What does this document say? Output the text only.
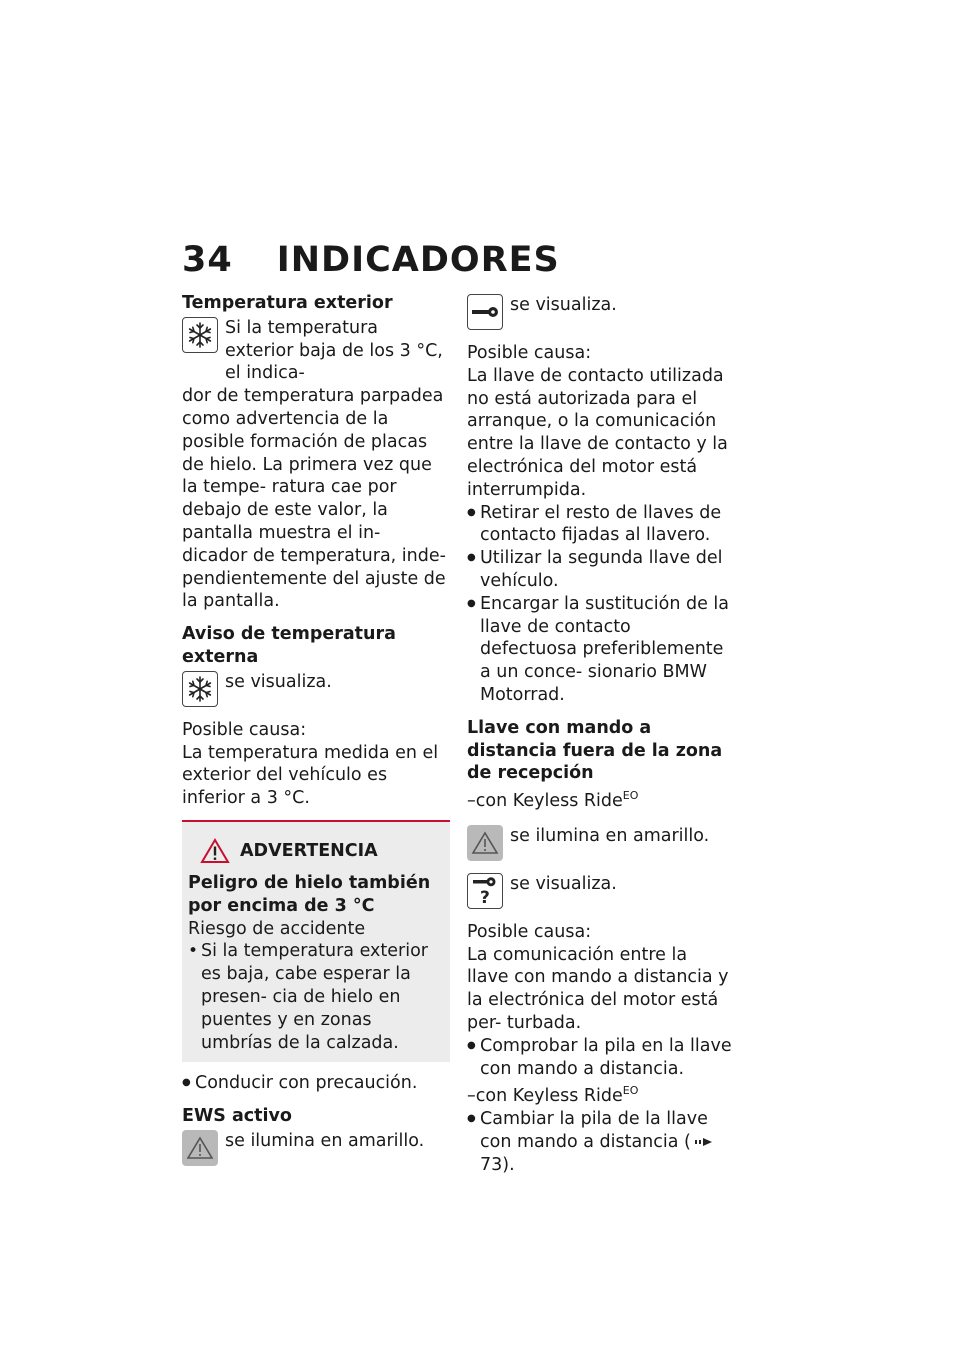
34 INDICADORES
Temperatura exterior

Si la temperatura exterior baja de los 3 °C, el indica-

dor de temperatura parpadea como advertencia de la posible formación de placas de hielo. La primera vez que la tempe- ratura cae por debajo de este valor, la pantalla muestra el in- dicador de temperatura, inde- pendientemente del ajuste de la pantalla.

Aviso de temperatura externa

se visualiza.

Posible causa:

La temperatura medida en el exterior del vehículo es inferior a 3 °C.

ADVERTENCIA
Peligro de hielo también por encima de 3 °C

Riesgo de accidente

• Si la temperatura exterior es baja, cabe esperar la presen- cia de hielo en puentes y en zonas umbrías de la calzada.
● Conducir con precaución.
EWS activo

se ilumina en amarillo.

se visualiza.

Posible causa:

La llave de contacto utilizada no está autorizada para el arranque, o la comunicación entre la llave de contacto y la electrónica del motor está interrumpida.

● Retirar el resto de llaves de contacto fijadas al llavero.
● Utilizar la segunda llave del vehículo.
● Encargar la sustitución de la llave de contacto defectuosa preferiblemente a un conce- sionario BMW Motorrad.
Llave con mando a distancia fuera de la zona de recepción

–con Keyless Ride$^{EO}$

se ilumina en amarillo.

?

se visualiza.

Posible causa:

La comunicación entre la llave con mando a distancia y la electrónica del motor está per- turbada.

● Comprobar la pila en la llave con mando a distancia.

–con Keyless Ride$^{EO}$

● Cambiar la pila de la llave con mando a distancia (73).
